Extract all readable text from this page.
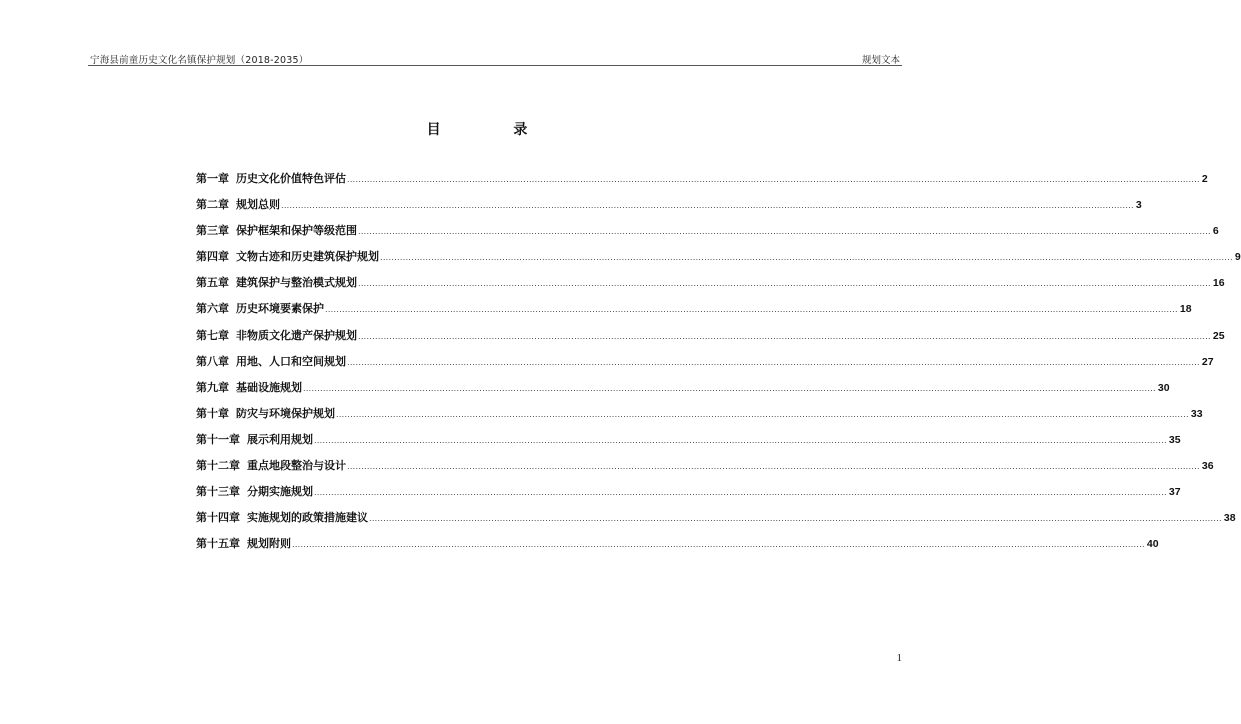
宁海县前童历史文化名镇保护规划（2018-2035）	规划文本
目 录
第一章 历史文化价值特色评估 ............................................................................................................................................................................................................................................................................................................ 2
第二章 规划总则 ............................................................................................................................................................................................................................................................................................................ 3
第三章 保护框架和保护等级范围 ............................................................................................................................................................................................................................................................................................................ 6
第四章 文物古迹和历史建筑保护规划 ............................................................................................................................................................................................................................................................................................................ 9
第五章 建筑保护与整治模式规划 ............................................................................................................................................................................................................................................................................................................ 16
第六章 历史环境要素保护 ............................................................................................................................................................................................................................................................................................................ 18
第七章 非物质文化遗产保护规划 ............................................................................................................................................................................................................................................................................................................ 25
第八章 用地、人口和空间规划 ............................................................................................................................................................................................................................................................................................................ 27
第九章 基础设施规划 ............................................................................................................................................................................................................................................................................................................ 30
第十章 防灾与环境保护规划 ............................................................................................................................................................................................................................................................................................................ 33
第十一章 展示利用规划 ............................................................................................................................................................................................................................................................................................................ 35
第十二章 重点地段整治与设计 ............................................................................................................................................................................................................................................................................................................ 36
第十三章 分期实施规划 ............................................................................................................................................................................................................................................................................................................ 37
第十四章 实施规划的政策措施建议 ............................................................................................................................................................................................................................................................................................................ 38
第十五章 规划附则 ............................................................................................................................................................................................................................................................................................................ 40
1
